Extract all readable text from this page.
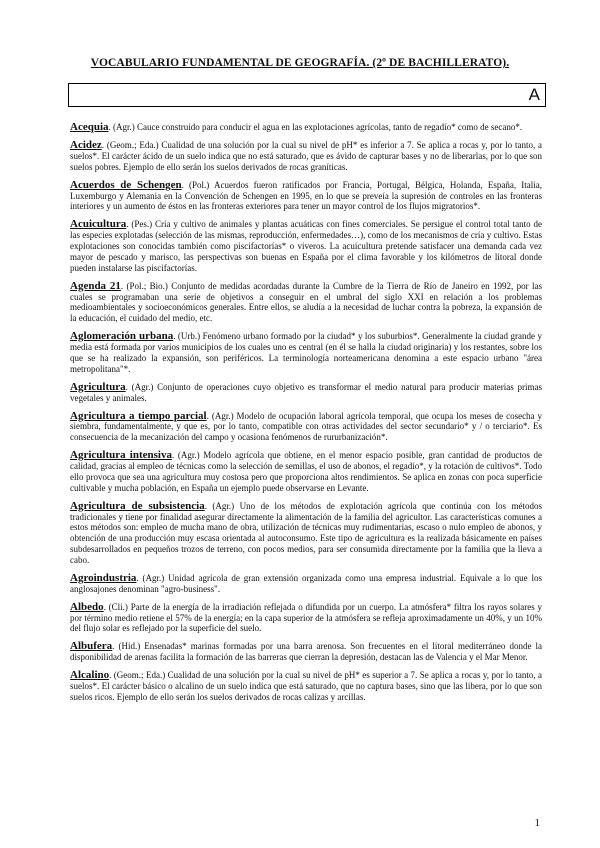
VOCABULARIO FUNDAMENTAL DE GEOGRAFÍA. (2º DE BACHILLERATO).
A

Acequia. (Agr.) Cauce construido para conducir el agua en las explotaciones agrícolas, tanto de regadío* como de secano*.

Acidez. (Geom.; Eda.) Cualidad de una solución por la cual su nivel de pH* es inferior a 7. Se aplica a rocas y, por lo tanto, a suelos*. El carácter ácido de un suelo indica que no está saturado, que es ávido de capturar bases y no de liberarlas, por lo que son suelos pobres. Ejemplo de ello serán los suelos derivados de rocas graníticas.

Acuerdos de Schengen. (Pol.) Acuerdos fueron ratificados por Francia, Portugal, Bélgica, Holanda, España, Italia, Luxemburgo y Alemania en la Convención de Schengen en 1995, en lo que se preveía la supresión de controles en las fronteras interiores y un aumento de éstos en las fronteras exteriores para tener un mayor control de los flujos migratorios*.

Acuicultura. (Pes.) Cría y cultivo de animales y plantas acuáticas con fines comerciales. Se persigue el control total tanto de las especies explotadas (selección de las mismas, reproducción, enfermedades…), como de los mecanismos de cría y cultivo. Estas explotaciones son conocidas también como piscifactorías* o viveros. La acuicultura pretende satisfacer una demanda cada vez mayor de pescado y marisco, las perspectivas son buenas en España por el clima favorable y los kilómetros de litoral donde pueden instalarse las piscifactorías.

Agenda 21. (Pol.; Bio.) Conjunto de medidas acordadas durante la Cumbre de la Tierra de Río de Janeiro en 1992, por las cuales se programaban una serie de objetivos a conseguir en el umbral del siglo XXI en relación a los problemas medioambientales y socioeconómicos generales. Entre ellos, se aludía a la necesidad de luchar contra la pobreza, la expansión de la educación, el cuidado del medio, etc.

Aglomeración urbana. (Urb.) Fenómeno urbano formado por la ciudad* y los suburbios*. Generalmente la ciudad grande y media está formada por varios municipios de los cuales uno es central (en él se halla la ciudad originaria) y los restantes, sobre los que se ha realizado la expansión, son periféricos. La terminología norteamericana denomina a este espacio urbano "área metropolitana"*.

Agricultura. (Agr.) Conjunto de operaciones cuyo objetivo es transformar el medio natural para producir materias primas vegetales y animales.

Agricultura a tiempo parcial. (Agr.) Modelo de ocupación laboral agrícola temporal, que ocupa los meses de cosecha y siembra, fundamentalmente, y que es, por lo tanto, compatible con otras actividades del sector secundario* y / o terciario*. Es consecuencia de la mecanización del campo y ocasiona fenómenos de rururbanización*.

Agricultura intensiva. (Agr.) Modelo agrícola que obtiene, en el menor espacio posible, gran cantidad de productos de calidad, gracias al empleo de técnicas como la selección de semillas, el uso de abonos, el regadío*, y la rotación de cultivos*. Todo ello provoca que sea una agricultura muy costosa pero que proporciona altos rendimientos. Se aplica en zonas con poca superficie cultivable y mucha población, en España un ejemplo puede observarse en Levante.

Agricultura de subsistencia. (Agr.) Uno de los métodos de explotación agrícola que continúa con los métodos tradicionales y tiene por finalidad asegurar directamente la alimentación de la familia del agricultor. Las características comunes a estos métodos son: empleo de mucha mano de obra, utilización de técnicas muy rudimentarias, escaso o nulo empleo de abonos, y obtención de una producción muy escasa orientada al autoconsumo. Este tipo de agricultura es la realizada básicamente en países subdesarrollados en pequeños trozos de terreno, con pocos medios, para ser consumida directamente por la familia que la lleva a cabo.

Agroindustria. (Agr.) Unidad agrícola de gran extensión organizada como una empresa industrial. Equivale a lo que los anglosajones denominan "agro-business".

Albedo. (Cli.) Parte de la energía de la irradiación reflejada o difundida por un cuerpo. La atmósfera* filtra los rayos solares y por término medio retiene el 57% de la energía; en la capa superior de la atmósfera se refleja aproximadamente un 40%, y un 10% del flujo solar es reflejado por la superficie del suelo.

Albufera. (Hid.) Ensenadas* marinas formadas por una barra arenosa. Son frecuentes en el litoral mediterráneo donde la disponibilidad de arenas facilita la formación de las barreras que cierran la depresión, destacan las de Valencia y el Mar Menor.

Alcalino. (Geom.; Eda.) Cualidad de una solución por la cual su nivel de pH* es superior a 7. Se aplica a rocas y, por lo tanto, a suelos*. El carácter básico o alcalino de un suelo indica que está saturado, que no captura bases, sino que las libera, por lo que son suelos ricos. Ejemplo de ello serán los suelos derivados de rocas calizas y arcillas.

1
